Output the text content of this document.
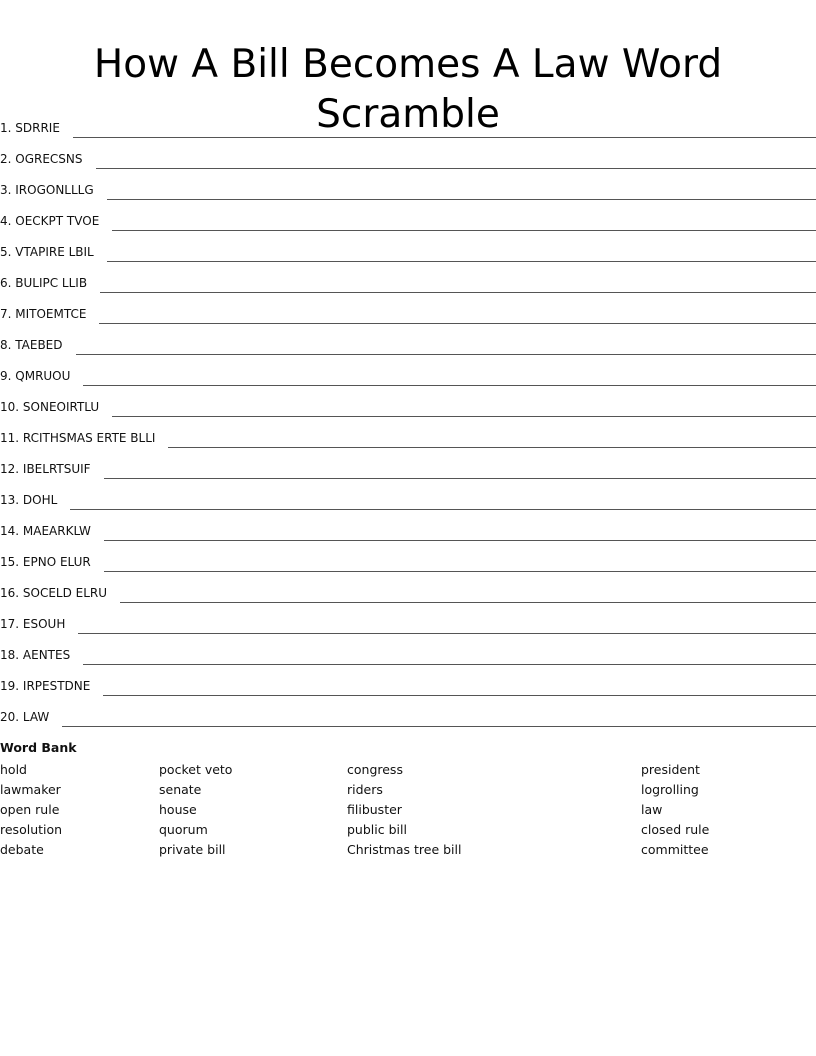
How A Bill Becomes A Law Word Scramble
1. SDRRIE
2. OGRECSNS
3. IROGONLLLG
4. OECKPT TVOE
5. VTAPIRE LBIL
6. BULIPC LLIB
7. MITOEMTCE
8. TAEBED
9. QMRUOU
10. SONEOIRTLU
11. RCITHSMAS ERTE BLLI
12. IBELRTSUIF
13. DOHL
14. MAEARKLW
15. EPNO ELUR
16. SOCELD ELRU
17. ESOUH
18. AENTES
19. IRPESTDNE
20. LAW
Word Bank
hold
lawmaker
open rule
resolution
debate
pocket veto
senate
house
quorum
private bill
congress
riders
filibuster
public bill
Christmas tree bill
president
logrolling
law
closed rule
committee
